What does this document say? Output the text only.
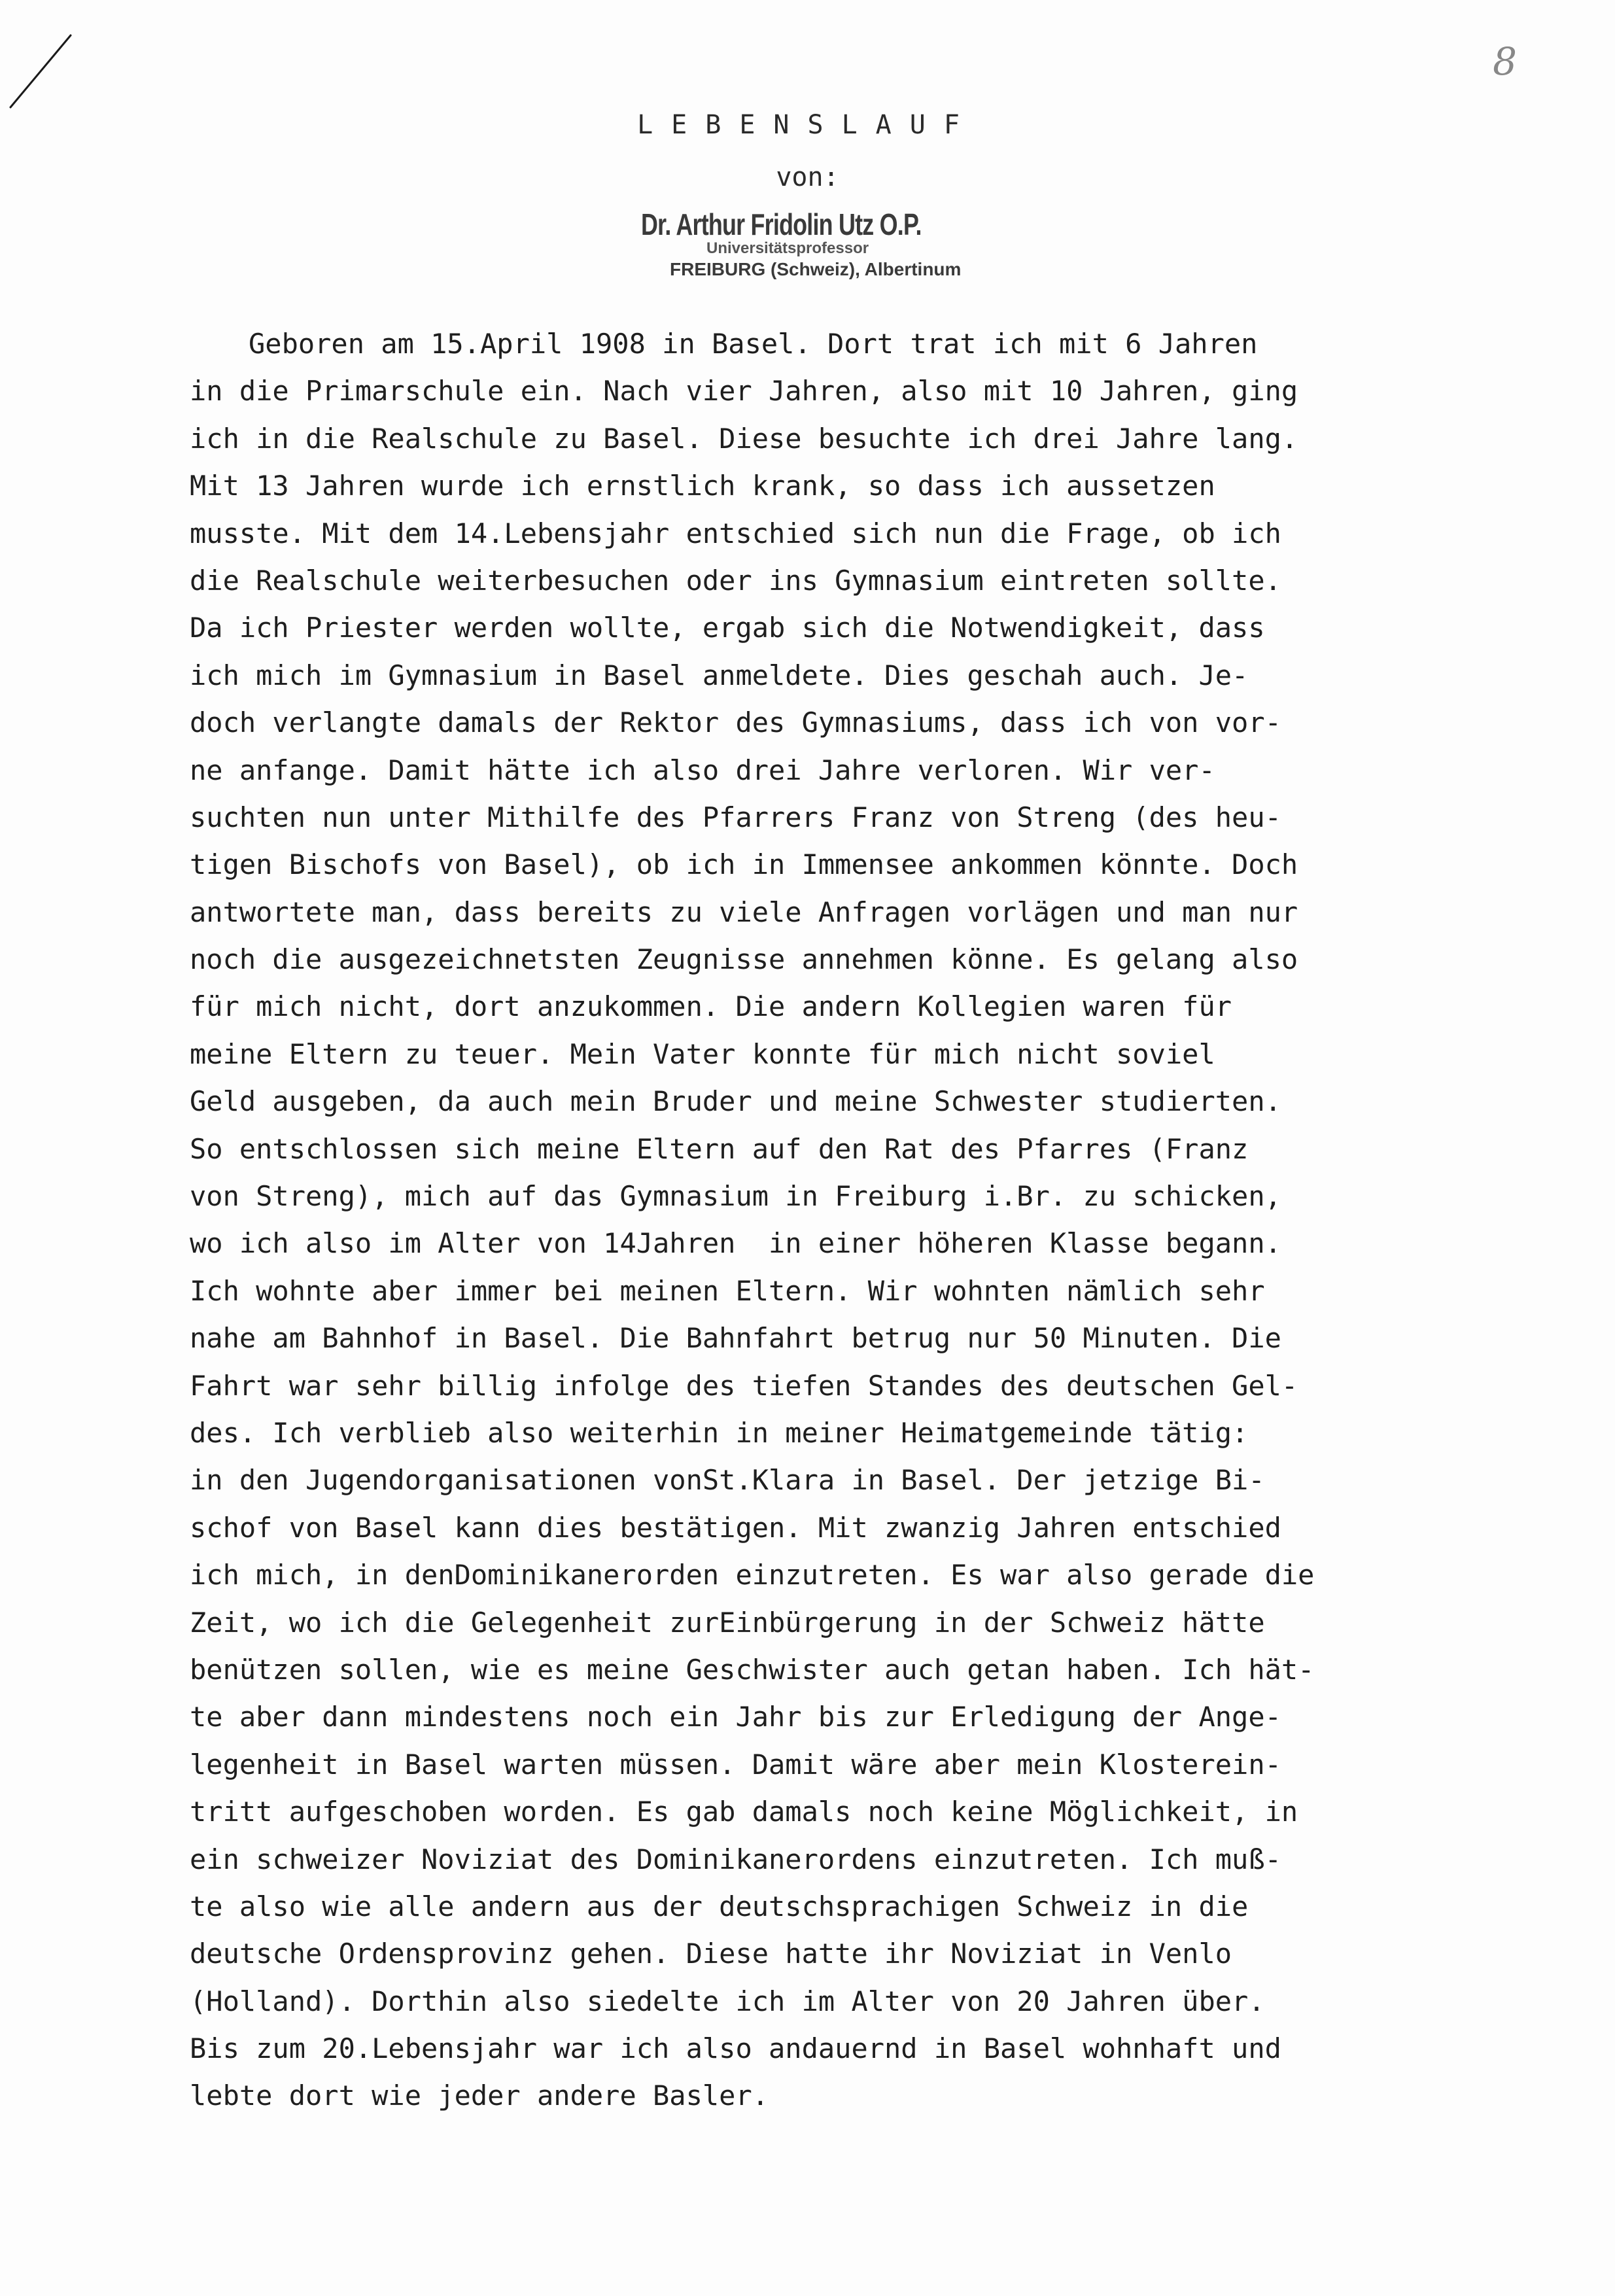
8
LEBENSLAUF
von:
Dr. Arthur Fridolin Utz O.P.
Universitätsprofessor
FREIBURG (Schweiz), Albertinum
Geboren am 15.April 1908 in Basel. Dort trat ich mit 6 Jahren
in die Primarschule ein. Nach vier Jahren, also mit 10 Jahren, ging
ich in die Realschule zu Basel. Diese besuchte ich drei Jahre lang.
Mit 13 Jahren wurde ich ernstlich krank, so dass ich aussetzen
musste. Mit dem 14.Lebensjahr entschied sich nun die Frage, ob ich
die Realschule weiterbesuchen oder ins Gymnasium eintreten sollte.
Da ich Priester werden wollte, ergab sich die Notwendigkeit, dass
ich mich im Gymnasium in Basel anmeldete. Dies geschah auch. Je-
doch verlangte damals der Rektor des Gymnasiums, dass ich von vor-
ne anfange. Damit hätte ich also drei Jahre verloren. Wir ver-
suchten nun unter Mithilfe des Pfarrers Franz von Streng (des heu-
tigen Bischofs von Basel), ob ich in Immensee ankommen könnte. Doch
antwortete man, dass bereits zu viele Anfragen vorlägen und man nur
noch die ausgezeichnetsten Zeugnisse annehmen könne. Es gelang also
für mich nicht, dort anzukommen. Die andern Kollegien waren für
meine Eltern zu teuer. Mein Vater konnte für mich nicht soviel
Geld ausgeben, da auch mein Bruder und meine Schwester studierten.
So entschlossen sich meine Eltern auf den Rat des Pfarres (Franz
von Streng), mich auf das Gymnasium in Freiburg i.Br. zu schicken,
wo ich also im Alter von 14Jahren  in einer höheren Klasse begann.
Ich wohnte aber immer bei meinen Eltern. Wir wohnten nämlich sehr
nahe am Bahnhof in Basel. Die Bahnfahrt betrug nur 50 Minuten. Die
Fahrt war sehr billig infolge des tiefen Standes des deutschen Gel-
des. Ich verblieb also weiterhin in meiner Heimatgemeinde tätig:
in den Jugendorganisationen vonSt.Klara in Basel. Der jetzige Bi-
schof von Basel kann dies bestätigen. Mit zwanzig Jahren entschied
ich mich, in denDominikanerorden einzutreten. Es war also gerade die
Zeit, wo ich die Gelegenheit zurEinbürgerung in der Schweiz hätte
benützen sollen, wie es meine Geschwister auch getan haben. Ich hät-
te aber dann mindestens noch ein Jahr bis zur Erledigung der Ange-
legenheit in Basel warten müssen. Damit wäre aber mein Klosterein-
tritt aufgeschoben worden. Es gab damals noch keine Möglichkeit, in
ein schweizer Noviziat des Dominikanerordens einzutreten. Ich muß-
te also wie alle andern aus der deutschsprachigen Schweiz in die
deutsche Ordensprovinz gehen. Diese hatte ihr Noviziat in Venlo
(Holland). Dorthin also siedelte ich im Alter von 20 Jahren über.
Bis zum 20.Lebensjahr war ich also andauernd in Basel wohnhaft und
lebte dort wie jeder andere Basler.
